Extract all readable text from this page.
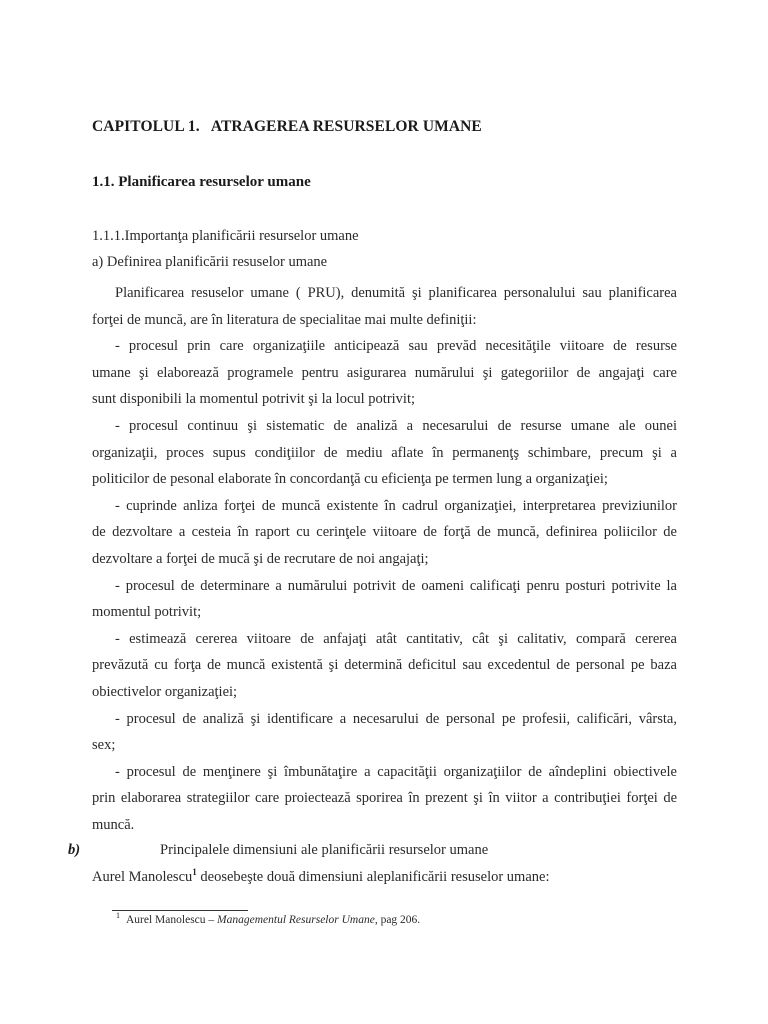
CAPITOLUL 1. ATRAGEREA RESURSELOR UMANE
1.1. Planificarea resurselor umane
1.1.1.Importanţa planificării resurselor umane
a) Definirea planificării resuselor umane
Planificarea resuselor umane ( PRU), denumită şi planificarea personalului sau planificarea
forţei de muncă, are în literatura de specialitae mai multe definiţii:
- procesul prin care organizaţiile anticipează sau prevăd necesităţile viitoare de resurse
umane şi elaborează programele pentru asigurarea numărului şi gategoriilor de angajaţi care
sunt disponibili la momentul potrivit şi la locul potrivit;
- procesul continuu şi sistematic de analiză a necesarului de resurse umane ale ounei
organizaţii, proces supus condiţiilor de mediu aflate în permanenţş schimbare, precum şi a
politicilor de pesonal elaborate în concordanţă cu eficienţa pe termen lung a organizaţiei;
- cuprinde anliza forţei de muncă existente în cadrul organizaţiei, interpretarea previziunilor
de dezvoltare a cesteia în raport cu cerinţele viitoare de forţă de muncă, definirea poliicilor de
dezvoltare a forţei de mucă şi de recrutare de noi angajaţi;
- procesul de determinare a numărului potrivit de oameni calificaţi penru posturi potrivite la
momentul potrivit;
- estimează cererea viitoare de anfajaţi atât cantitativ, cât şi calitativ, compară cererea
prevăzută cu forţa de muncă existentă şi determină deficitul sau excedentul de personal pe baza
obiectivelor organizaţiei;
- procesul de analiză şi identificare a necesarului de personal pe profesii, calificări, vârsta,
sex;
- procesul de menţinere şi îmbunătaţire a capacităţii organizaţiilor de aîndeplini obiectivele
prin elaborarea strategiilor care proiectează sporirea în prezent şi în viitor a contribuţiei forţei de
muncă.
b)	Principalele dimensiuni ale planificării resurselor umane
Aurel Manolescu$^1$ deosebeşte două dimensiuni aleplanificării resuselor umane:
$^1$ Aurel Manolescu – Managementul Resurselor Umane, pag 206.
